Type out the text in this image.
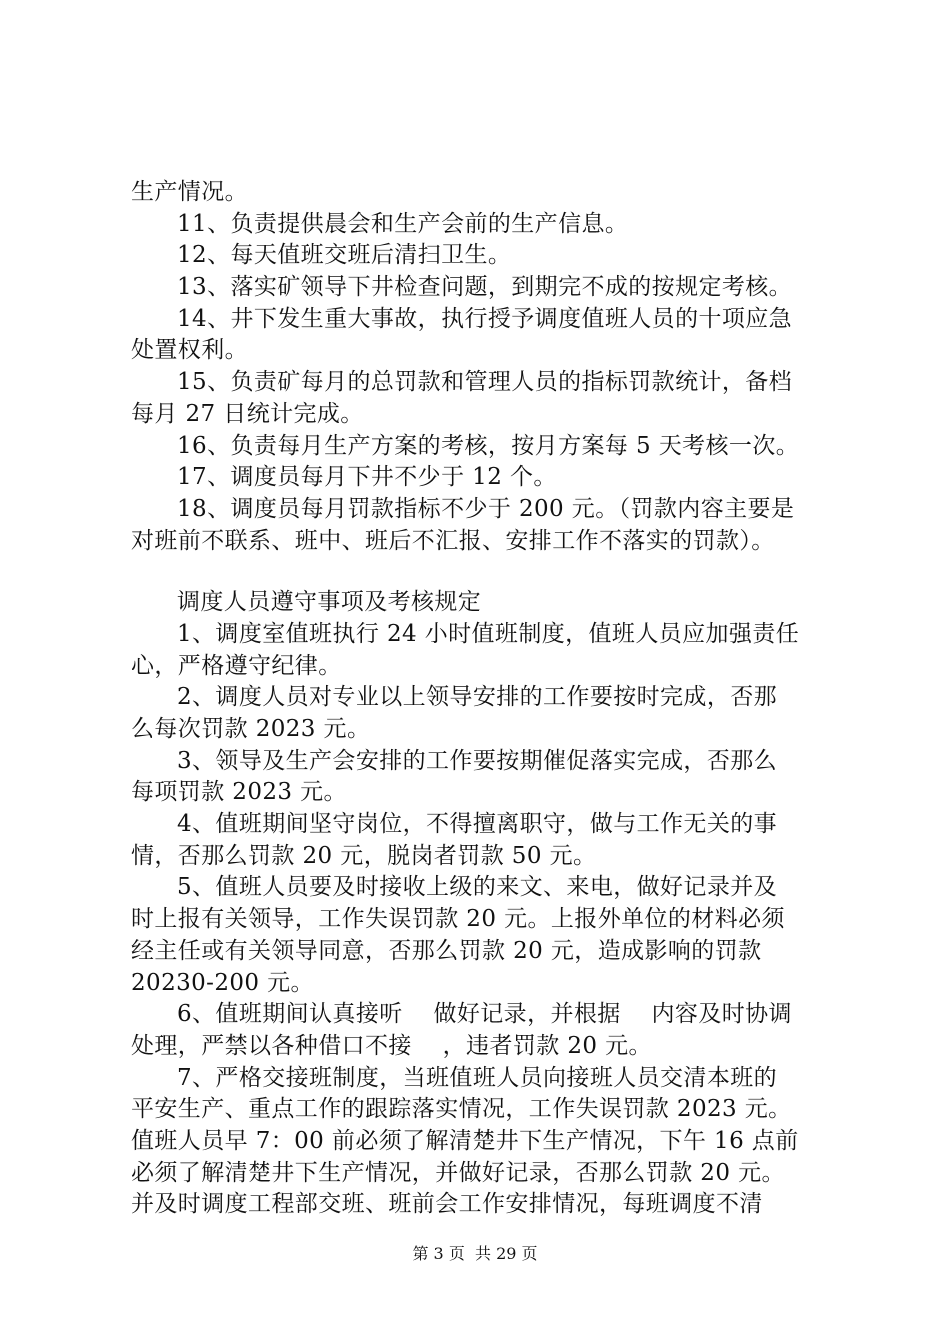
生产情况。
11、负责提供晨会和生产会前的生产信息。
12、每天值班交班后清扫卫生。
13、落实矿领导下井检查问题，到期完不成的按规定考核。
14、井下发生重大事故，执行授予调度值班人员的十项应急
处置权利。
15、负责矿每月的总罚款和管理人员的指标罚款统计，备档
每月 27 日统计完成。
16、负责每月生产方案的考核，按月方案每 5 天考核一次。
17、调度员每月下井不少于 12 个。
18、调度员每月罚款指标不少于 200 元。（罚款内容主要是
对班前不联系、班中、班后不汇报、安排工作不落实的罚款）。
调度人员遵守事项及考核规定
1、调度室值班执行 24 小时值班制度，值班人员应加强责任
心，严格遵守纪律。
2、调度人员对专业以上领导安排的工作要按时完成，否那
么每次罚款 2023 元。
3、领导及生产会安排的工作要按期催促落实完成，否那么
每项罚款 2023 元。
4、值班期间坚守岗位，不得擅离职守，做与工作无关的事
情，否那么罚款 20 元，脱岗者罚款 50 元。
5、值班人员要及时接收上级的来文、来电，做好记录并及
时上报有关领导，工作失误罚款 20 元。上报外单位的材料必须
经主任或有关领导同意，否那么罚款 20 元，造成影响的罚款
20230-200 元。
6、值班期间认真接听    做好记录，并根据    内容及时协调
处理，严禁以各种借口不接    ，违者罚款 20 元。
7、严格交接班制度，当班值班人员向接班人员交清本班的
平安生产、重点工作的跟踪落实情况，工作失误罚款 2023 元。
值班人员早 7：00 前必须了解清楚井下生产情况，下午 16 点前
必须了解清楚井下生产情况，并做好记录，否那么罚款 20 元。
并及时调度工程部交班、班前会工作安排情况，每班调度不清
第 3 页  共 29 页
